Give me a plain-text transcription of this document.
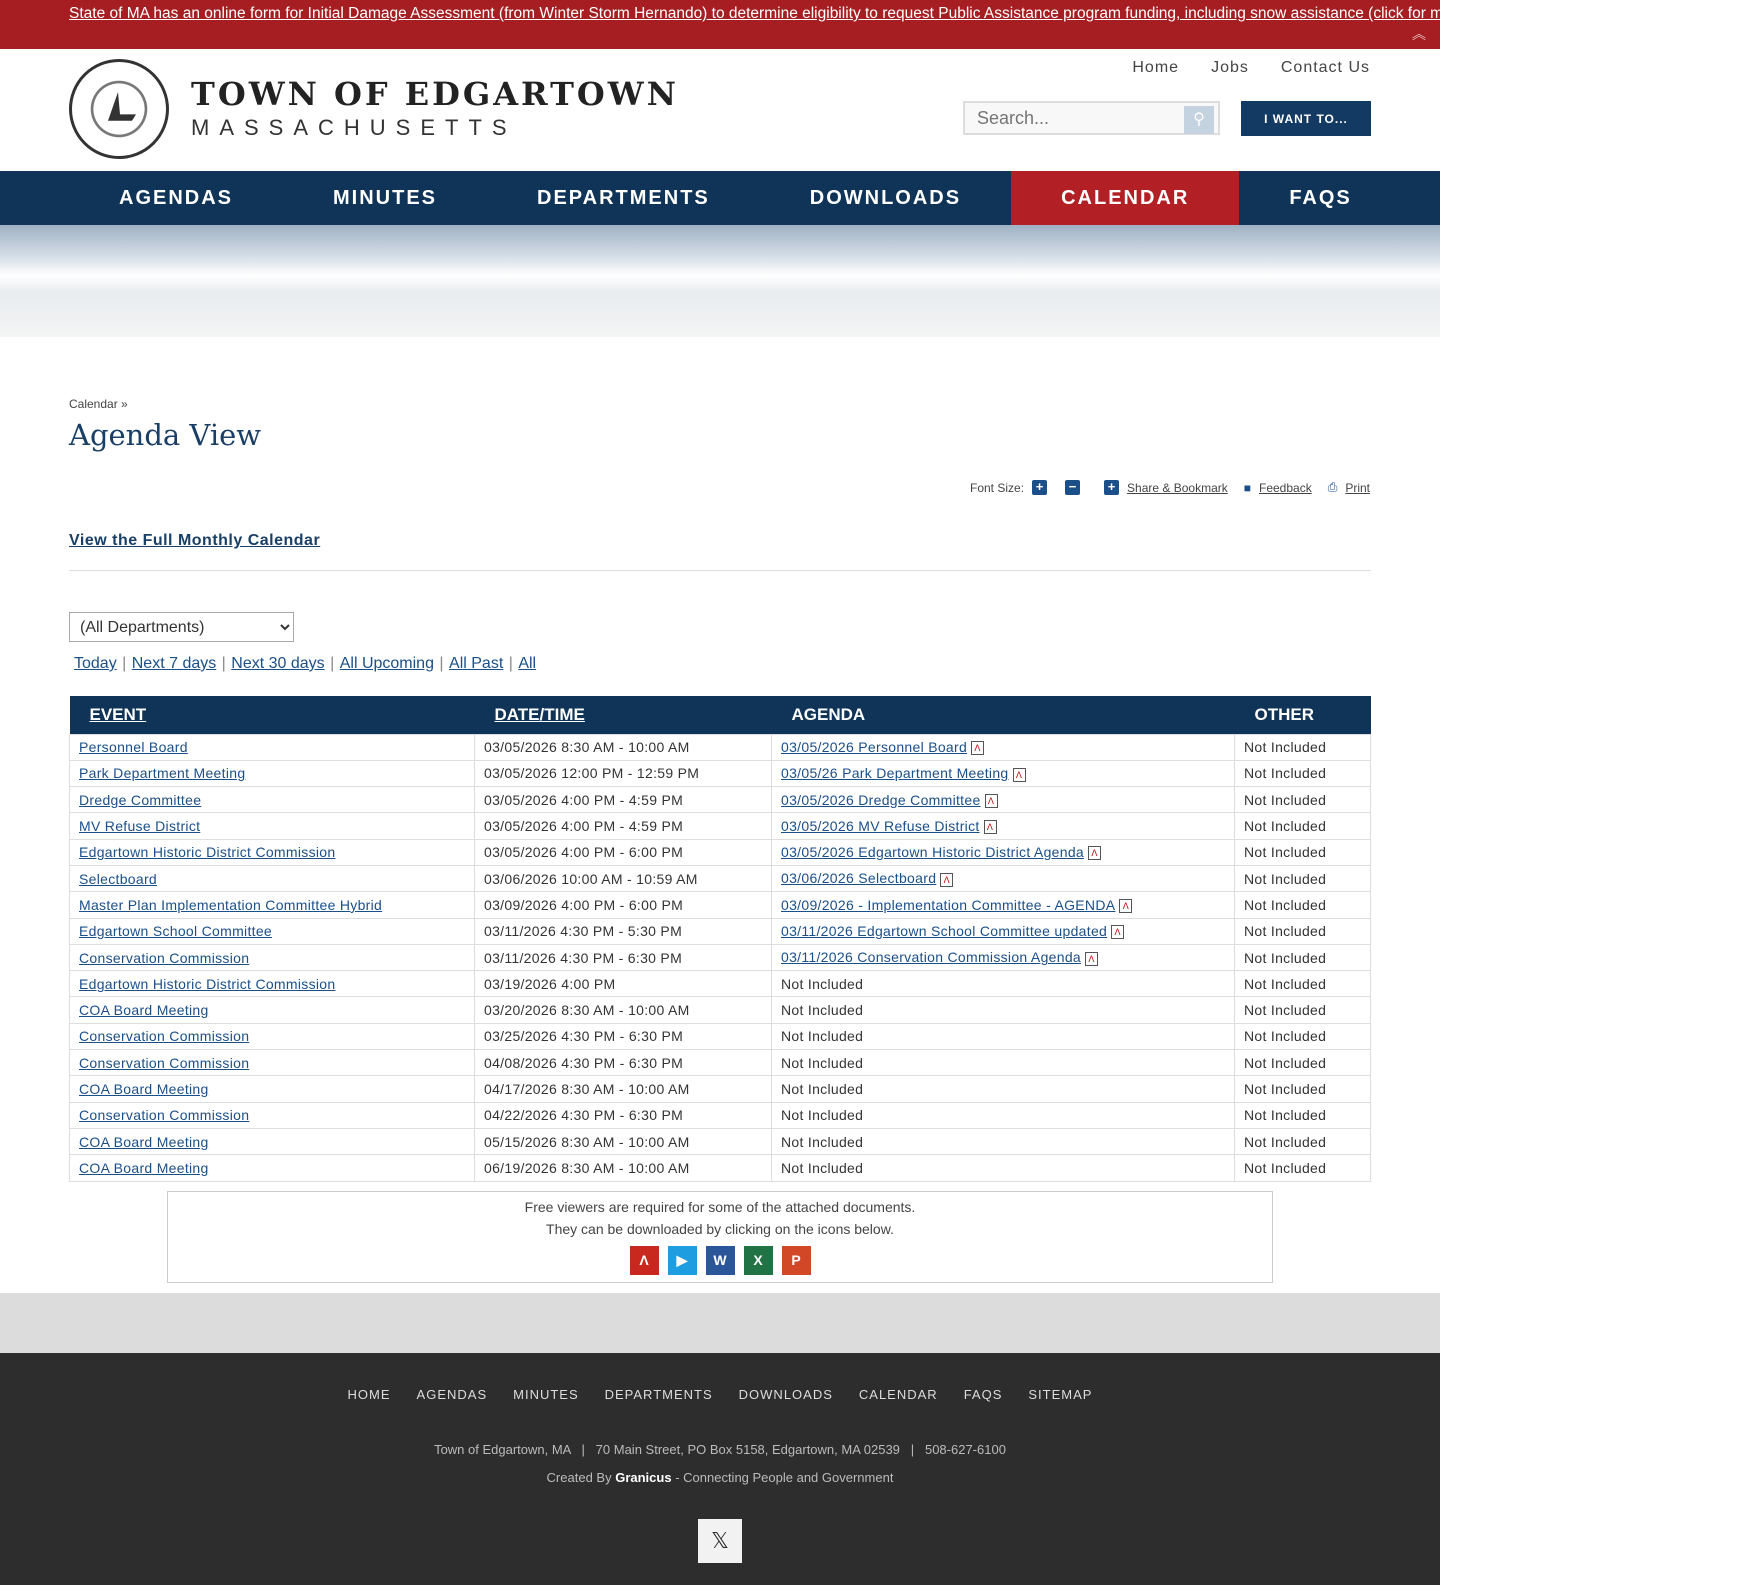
State of MA has an online form for Initial Damage Assessment (from Winter Storm Hernando) to determine eligibility to request Public Assistance program funding, including snow assistance (click for more information) - Deadline is March 6, 2026.
︽
TOWN OF EDGARTOWN
MASSACHUSETTS
Home Jobs Contact Us
Search...
⚲	I WANT TO...
AGENDAS	MINUTES	DEPARTMENTS	DOWNLOADS	CALENDAR	FAQS
Calendar »
Agenda View
Font Size: + − + Share & Bookmark ■ Feedback ⎙ Print
View the Full Monthly Calendar
(All Departments)
Today | Next 7 days | Next 30 days | All Upcoming | All Past | All
EVENT	DATE/TIME	AGENDA	OTHER
Personnel Board	03/05/2026 8:30 AM - 10:00 AM	03/05/2026 Personnel Board Λ	Not Included
Park Department Meeting	03/05/2026 12:00 PM - 12:59 PM	03/05/26 Park Department Meeting Λ	Not Included
Dredge Committee	03/05/2026 4:00 PM - 4:59 PM	03/05/2026 Dredge Committee Λ	Not Included
MV Refuse District	03/05/2026 4:00 PM - 4:59 PM	03/05/2026 MV Refuse District Λ	Not Included
Edgartown Historic District Commission	03/05/2026 4:00 PM - 6:00 PM	03/05/2026 Edgartown Historic District Agenda Λ	Not Included
Selectboard	03/06/2026 10:00 AM - 10:59 AM	03/06/2026 Selectboard Λ	Not Included
Master Plan Implementation Committee Hybrid	03/09/2026 4:00 PM - 6:00 PM	03/09/2026 - Implementation Committee - AGENDA Λ	Not Included
Edgartown School Committee	03/11/2026 4:30 PM - 5:30 PM	03/11/2026 Edgartown School Committee updated Λ	Not Included
Conservation Commission	03/11/2026 4:30 PM - 6:30 PM	03/11/2026 Conservation Commission Agenda Λ	Not Included
Edgartown Historic District Commission	03/19/2026 4:00 PM	Not Included	Not Included
COA Board Meeting	03/20/2026 8:30 AM - 10:00 AM	Not Included	Not Included
Conservation Commission	03/25/2026 4:30 PM - 6:30 PM	Not Included	Not Included
Conservation Commission	04/08/2026 4:30 PM - 6:30 PM	Not Included	Not Included
COA Board Meeting	04/17/2026 8:30 AM - 10:00 AM	Not Included	Not Included
Conservation Commission	04/22/2026 4:30 PM - 6:30 PM	Not Included	Not Included
COA Board Meeting	05/15/2026 8:30 AM - 10:00 AM	Not Included	Not Included
COA Board Meeting	06/19/2026 8:30 AM - 10:00 AM	Not Included	Not Included
Free viewers are required for some of the attached documents.
They can be downloaded by clicking on the icons below.
Λ	▶	W	X	P
HOME AGENDAS MINUTES DEPARTMENTS DOWNLOADS CALENDAR FAQS SITEMAP
Town of Edgartown, MA   |   70 Main Street, PO Box 5158, Edgartown, MA 02539   |   508-627-6100
Created By Granicus - Connecting People and Government
𝕏
